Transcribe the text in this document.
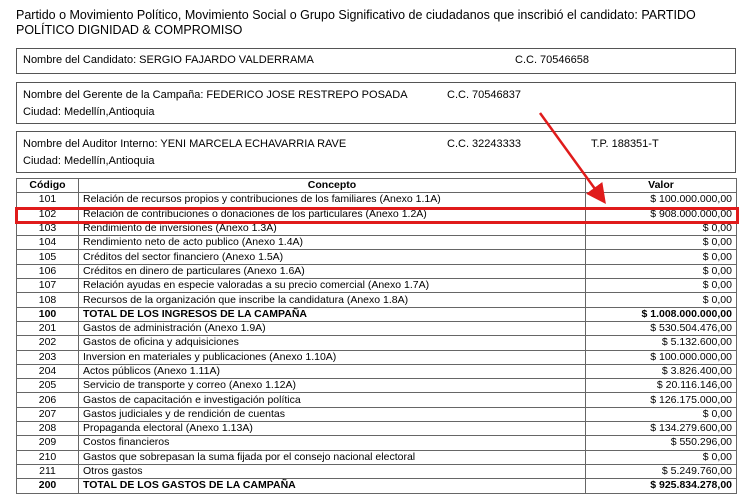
Partido o Movimiento Político, Movimiento Social o Grupo Significativo de ciudadanos que inscribió el candidato: PARTIDO POLÍTICO DIGNIDAD & COMPROMISO
Nombre del Candidato: SERGIO FAJARDO VALDERRAMA	C.C. 70546658
Nombre del Gerente de la Campaña: FEDERICO JOSE RESTREPO POSADA	C.C. 70546837
Ciudad: Medellín,Antioquia
Nombre del Auditor Interno: YENI MARCELA ECHAVARRIA RAVE	C.C. 32243333	T.P. 188351-T
Ciudad: Medellín,Antioquia
Código	Concepto	Valor
101	Relación de recursos propios y contribuciones de los familiares (Anexo 1.1A)	$ 100.000.000,00
102	Relación de contribuciones o donaciones de los particulares (Anexo 1.2A)	$ 908.000.000,00
103	Rendimiento de inversiones (Anexo 1.3A)	$ 0,00
104	Rendimiento neto de acto publico (Anexo 1.4A)	$ 0,00
105	Créditos del sector financiero (Anexo 1.5A)	$ 0,00
106	Créditos en dinero de particulares (Anexo 1.6A)	$ 0,00
107	Relación ayudas en especie valoradas a su precio comercial (Anexo 1.7A)	$ 0,00
108	Recursos de la organización que inscribe la candidatura (Anexo 1.8A)	$ 0,00
100	TOTAL DE LOS INGRESOS DE LA CAMPAÑA	$ 1.008.000.000,00
201	Gastos de administración (Anexo 1.9A)	$ 530.504.476,00
202	Gastos de oficina y adquisiciones	$ 5.132.600,00
203	Inversion en materiales y publicaciones (Anexo 1.10A)	$ 100.000.000,00
204	Actos públicos (Anexo 1.11A)	$ 3.826.400,00
205	Servicio de transporte y correo (Anexo 1.12A)	$ 20.116.146,00
206	Gastos de capacitación e investigación política	$ 126.175.000,00
207	Gastos judiciales y de rendición de cuentas	$ 0,00
208	Propaganda electoral (Anexo 1.13A)	$ 134.279.600,00
209	Costos financieros	$ 550.296,00
210	Gastos que sobrepasan la suma fijada por el consejo nacional electoral	$ 0,00
211	Otros gastos	$ 5.249.760,00
200	TOTAL DE LOS GASTOS DE LA CAMPAÑA	$ 925.834.278,00
